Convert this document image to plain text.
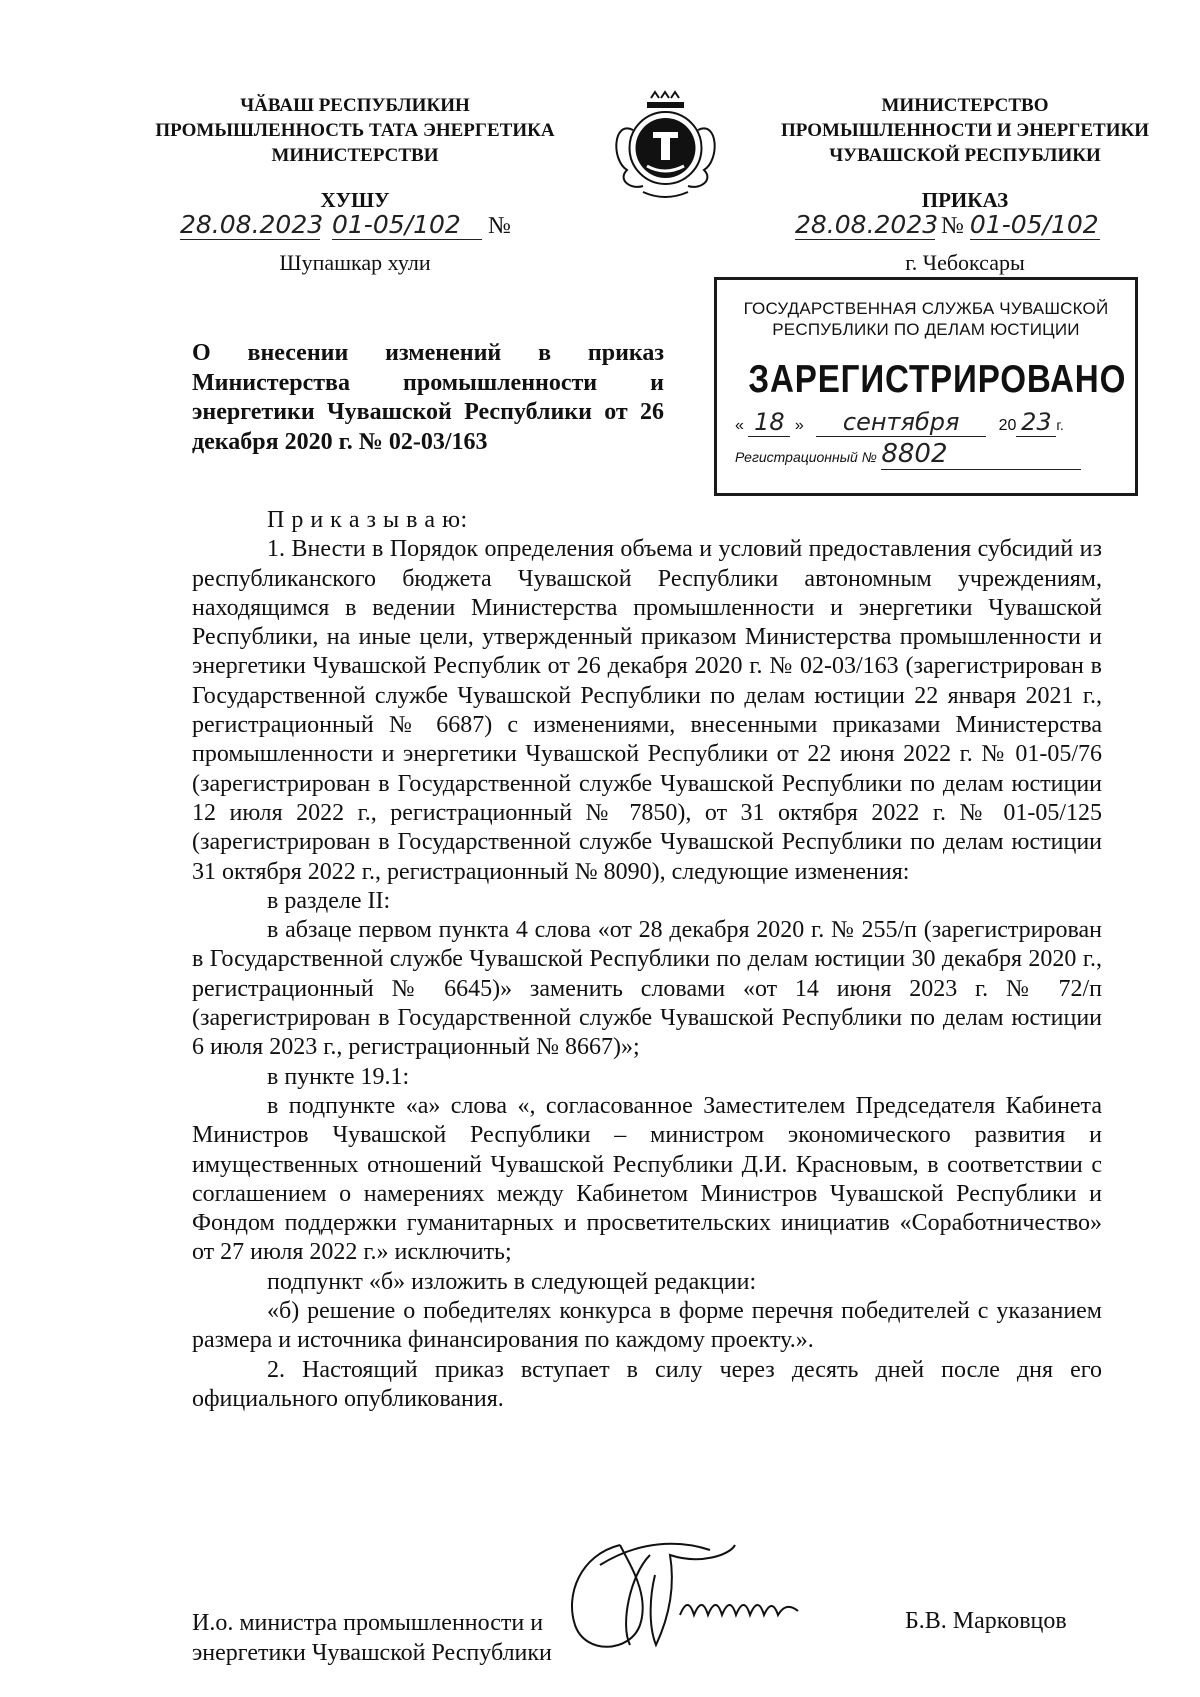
ЧӐВАШ РЕСПУБЛИКИН
ПРОМЫШЛЕННОСТЬ ТАТА ЭНЕРГЕТИКА
МИНИСТЕРСТВИ
ХУШУ
28.08.2023 01-05/102 №
Шупашкар хули
МИНИСТЕРСТВО
ПРОМЫШЛЕННОСТИ И ЭНЕРГЕТИКИ
ЧУВАШСКОЙ РЕСПУБЛИКИ
ПРИКАЗ
28.08.2023 № 01-05/102
г. Чебоксары
ГОСУДАРСТВЕННАЯ СЛУЖБА ЧУВАШСКОЙ
РЕСПУБЛИКИ ПО ДЕЛАМ ЮСТИЦИИ
ЗАРЕГИСТРИРОВАНО
« 18 » сентября 20 23 г.
Регистрационный № 8802
О внесении изменений в приказ Министерства промышленности и энергетики Чувашской Республики от 26 декабря 2020 г. № 02-03/163

П р и к а з ы в а ю:

1. Внести в Порядок определения объема и условий предоставления субсидий из республиканского бюджета Чувашской Республики автономным учреждениям, находящимся в ведении Министерства промышленности и энергетики Чувашской Республики, на иные цели, утвержденный приказом Министерства промышленности и энергетики Чувашской Республик от 26 декабря 2020 г. № 02-03/163 (зарегистрирован в Государственной службе Чувашской Республики по делам юстиции 22 января 2021 г., регистрационный № 6687) с изменениями, внесенными приказами Министерства промышленности и энергетики Чувашской Республики от 22 июня 2022 г. № 01-05/76 (зарегистрирован в Государственной службе Чувашской Республики по делам юстиции 12 июля 2022 г., регистрационный № 7850), от 31 октября 2022 г. № 01-05/125 (зарегистрирован в Государственной службе Чувашской Республики по делам юстиции 31 октября 2022 г., регистрационный № 8090), следующие изменения:

в разделе II:

в абзаце первом пункта 4 слова «от 28 декабря 2020 г. № 255/п (зарегистрирован в Государственной службе Чувашской Республики по делам юстиции 30 декабря 2020 г., регистрационный № 6645)» заменить словами «от 14 июня 2023 г. № 72/п (зарегистрирован в Государственной службе Чувашской Республики по делам юстиции 6 июля 2023 г., регистрационный № 8667)»;

в пункте 19.1:

в подпункте «а» слова «, согласованное Заместителем Председателя Кабинета Министров Чувашской Республики – министром экономического развития и имущественных отношений Чувашской Республики Д.И. Красновым, в соответствии с соглашением о намерениях между Кабинетом Министров Чувашской Республики и Фондом поддержки гуманитарных и просветительских инициатив «Соработничество» от 27 июля 2022 г.» исключить;

подпункт «б» изложить в следующей редакции:

«б) решение о победителях конкурса в форме перечня победителей с указанием размера и источника финансирования по каждому проекту.».

2. Настоящий приказ вступает в силу через десять дней после дня его официального опубликования.

И.о. министра промышленности и
энергетики Чувашской Республики
Б.В. Марковцов
